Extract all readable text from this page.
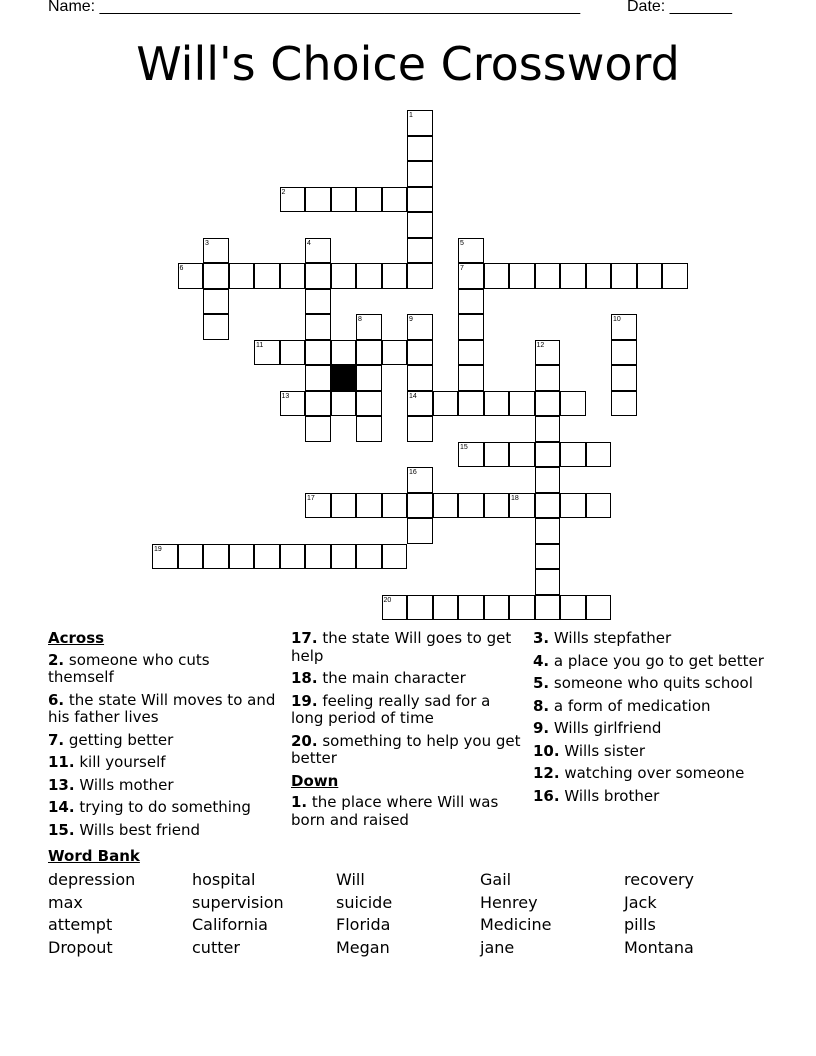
Name: ______________________________________________________	Date: _______
Will's Choice Crossword
1
2
3	4	5
6	7
8	9	10
11	12
13	14
15
16
17	18
19
20
Across
2. someone who cuts themself
6. the state Will moves to and his father lives
7. getting better
11. kill yourself
13. Wills mother
14. trying to do something
15. Wills best friend
17. the state Will goes to get help
18. the main character
19. feeling really sad for a long period of time
20. something to help you get better
Down
1. the place where Will was born and raised
3. Wills stepfather
4. a place you go to get better
5. someone who quits school
8. a form of medication
9. Wills girlfriend
10. Wills sister
12. watching over someone
16. Wills brother
Word Bank
depression	hospital	Will	Gail	recovery
max	supervision	suicide	Henrey	Jack
attempt	California	Florida	Medicine	pills
Dropout	cutter	Megan	jane	Montana
